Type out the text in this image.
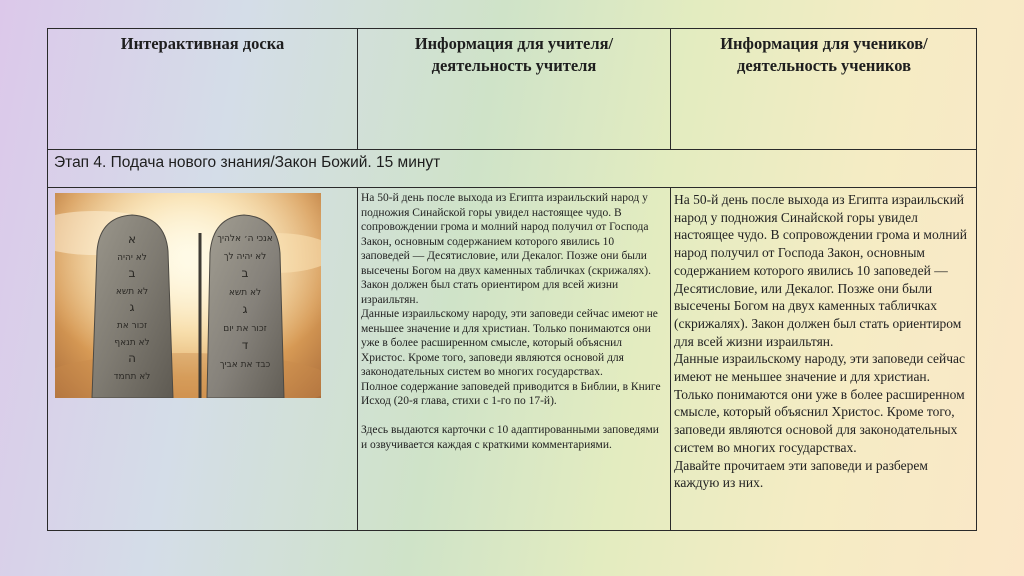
Интерактивная доска	Информация для учителя/
деятельность учителя
Информация для учеников/
деятельность учеников
Этап 4. Подача нового знания/Закон Божий. 15 минут
א
לא יהיה
ב
לא תשא
ג
זכור את
לא תנאף
ה
לא תחמד
אנכי ה׳ אלהיך
לא יהיה לך
ב
לא תשא
ג
זכור את יום
ד
כבד את אביך
На 50-й день после выхода из Египта израильский народ у подножия Синайской горы увидел настоящее чудо. В сопровождении грома и молний народ получил от Господа Закон, основным содержанием которого явились 10 заповедей — Десятисловие, или Декалог. Позже они были высечены Богом на двух каменных табличках (скрижалях). Закон должен был стать ориентиром для всей жизни израильтян.
Данные израильскому народу, эти заповеди сейчас имеют не меньшее значение и для христиан. Только понимаются они уже в более расширенном смысле, который объяснил Христос. Кроме того, заповеди являются основой для законодательных систем во многих государствах.
Полное содержание заповедей приводится в Библии, в Книге Исход (20-я глава, стихи с 1-го по 17-й).

Здесь выдаются карточки с 10 адаптированными заповедями и озвучивается каждая с краткими комментариями.
На 50-й день после выхода из Египта израильский народ у подножия Синайской горы увидел настоящее чудо. В сопровождении грома и молний народ получил от Господа Закон, основным содержанием которого явились 10 заповедей — Десятисловие, или Декалог. Позже они были высечены Богом на двух каменных табличках (скрижалях). Закон должен был стать ориентиром для всей жизни израильтян.
Данные израильскому народу, эти заповеди сейчас имеют не меньшее значение и для христиан. Только понимаются они уже в более расширенном смысле, который объяснил Христос. Кроме того, заповеди являются основой для законодательных систем во многих государствах.
Давайте прочитаем эти заповеди и разберем каждую из них.
